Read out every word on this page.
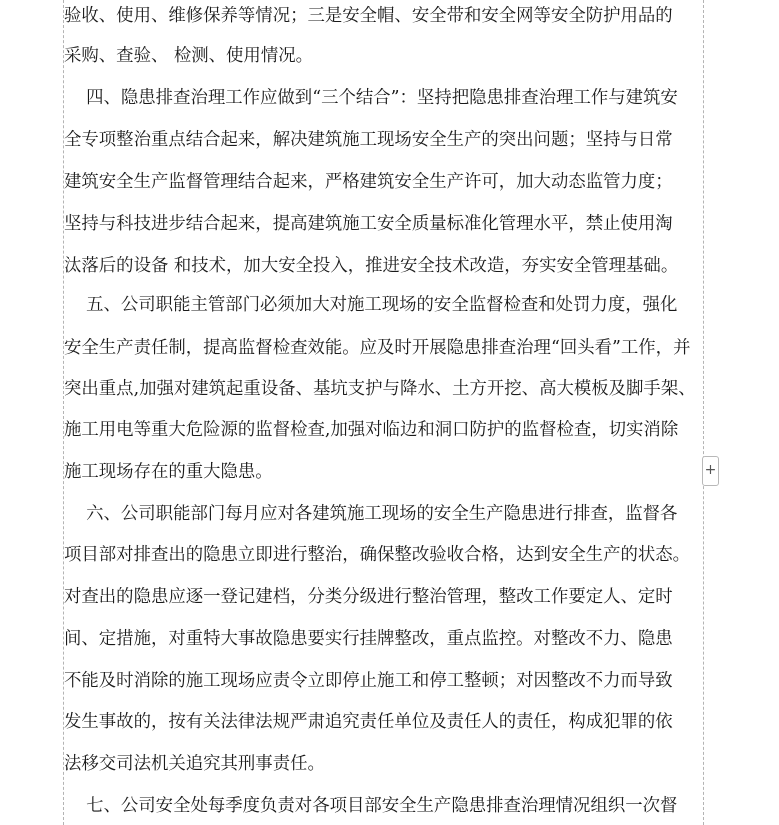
验收、使用、维修保养等情况；三是安全帽、安全带和安全网等安全防护用品的
采购、查验、 检测、使用情况。
四、隐患排查治理工作应做到“三个结合”：坚持把隐患排查治理工作与建筑安
全专项整治重点结合起来，解决建筑施工现场安全生产的突出问题；坚持与日常
建筑安全生产监督管理结合起来，严格建筑安全生产许可，加大动态监管力度；
坚持与科技进步结合起来，提高建筑施工安全质量标准化管理水平，禁止使用淘
汰落后的设备 和技术，加大安全投入，推进安全技术改造，夯实安全管理基础。
五、公司职能主管部门必须加大对施工现场的安全监督检查和处罚力度，强化
安全生产责任制，提高监督检查效能。应及时开展隐患排查治理“回头看”工作，并
突出重点,加强对建筑起重设备、基坑支护与降水、土方开挖、高大模板及脚手架、
施工用电等重大危险源的监督检查,加强对临边和洞口防护的监督检查，切实消除
施工现场存在的重大隐患。
六、公司职能部门每月应对各建筑施工现场的安全生产隐患进行排查，监督各
项目部对排查出的隐患立即进行整治，确保整改验收合格，达到安全生产的状态。
对查出的隐患应逐一登记建档，分类分级进行整治管理，整改工作要定人、定时
间、定措施，对重特大事故隐患要实行挂牌整改，重点监控。对整改不力、隐患
不能及时消除的施工现场应责令立即停止施工和停工整顿；对因整改不力而导致
发生事故的，按有关法律法规严肃追究责任单位及责任人的责任，构成犯罪的依
法移交司法机关追究其刑事责任。
七、公司安全处每季度负责对各项目部安全生产隐患排查治理情况组织一次督
+
